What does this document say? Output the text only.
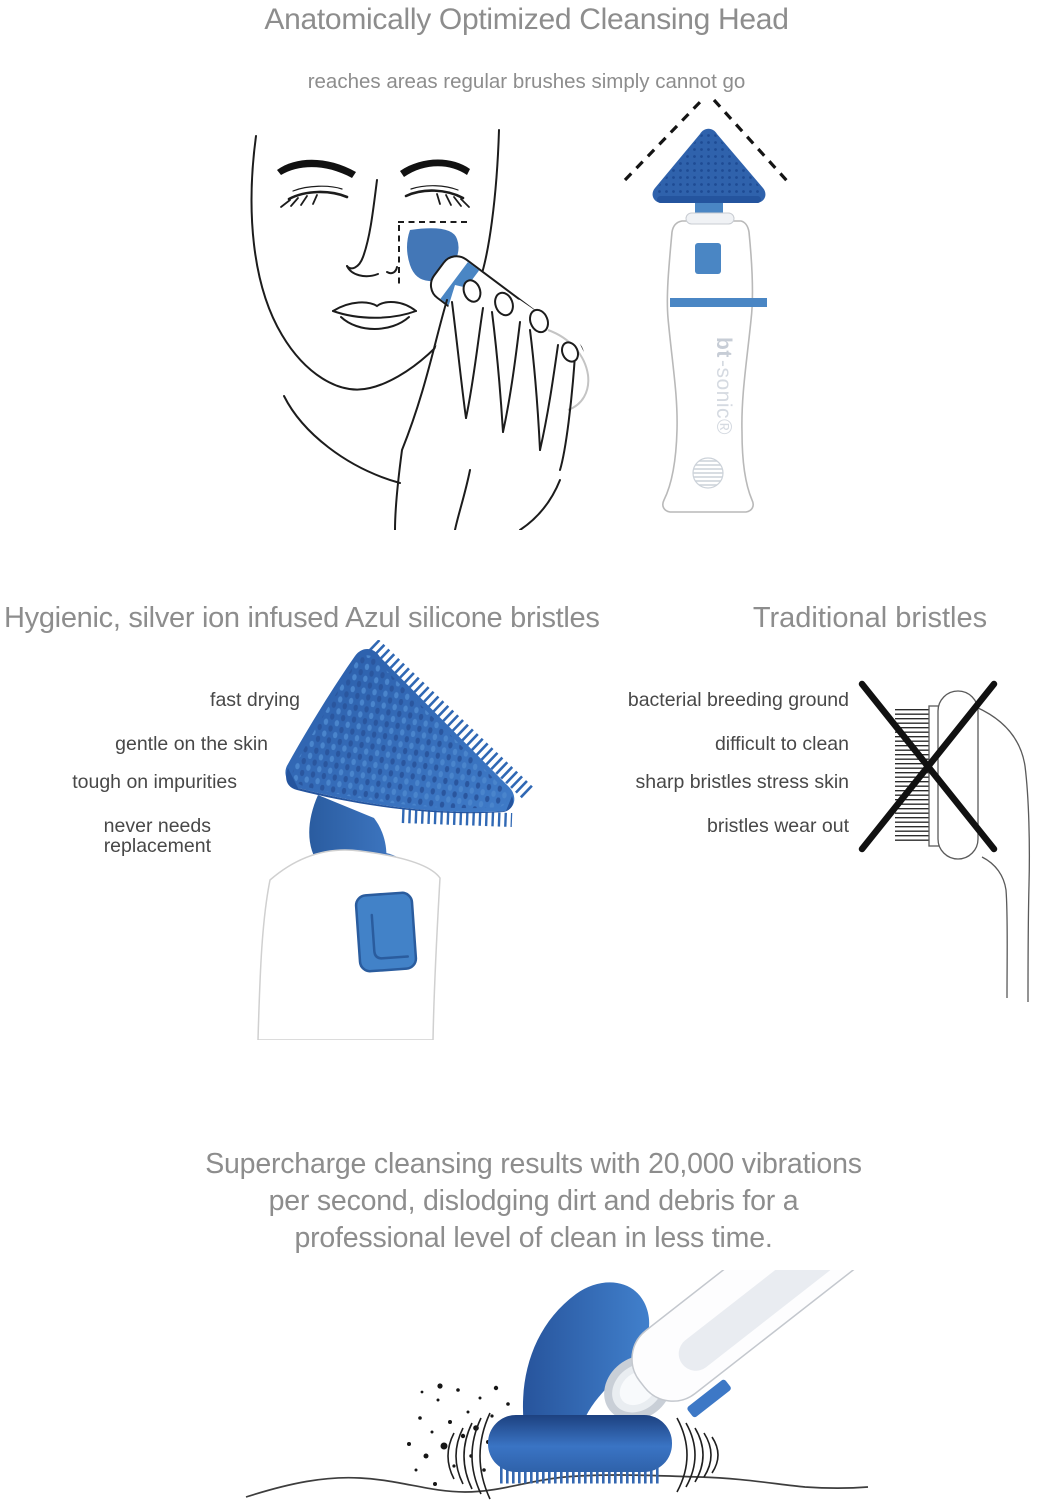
Anatomically Optimized Cleansing Head
reaches areas regular brushes simply cannot go
bt
-sonic®
Hygienic, silver ion infused Azul silicone bristles	Traditional bristles
fast drying
gentle on the skin
tough on impurities
never needs replacement
bacterial breeding ground
difficult to clean
sharp bristles stress skin
bristles wear out
Supercharge cleansing results with 20,000 vibrations
per second, dislodging dirt and debris for a
professional level of clean in less time.
